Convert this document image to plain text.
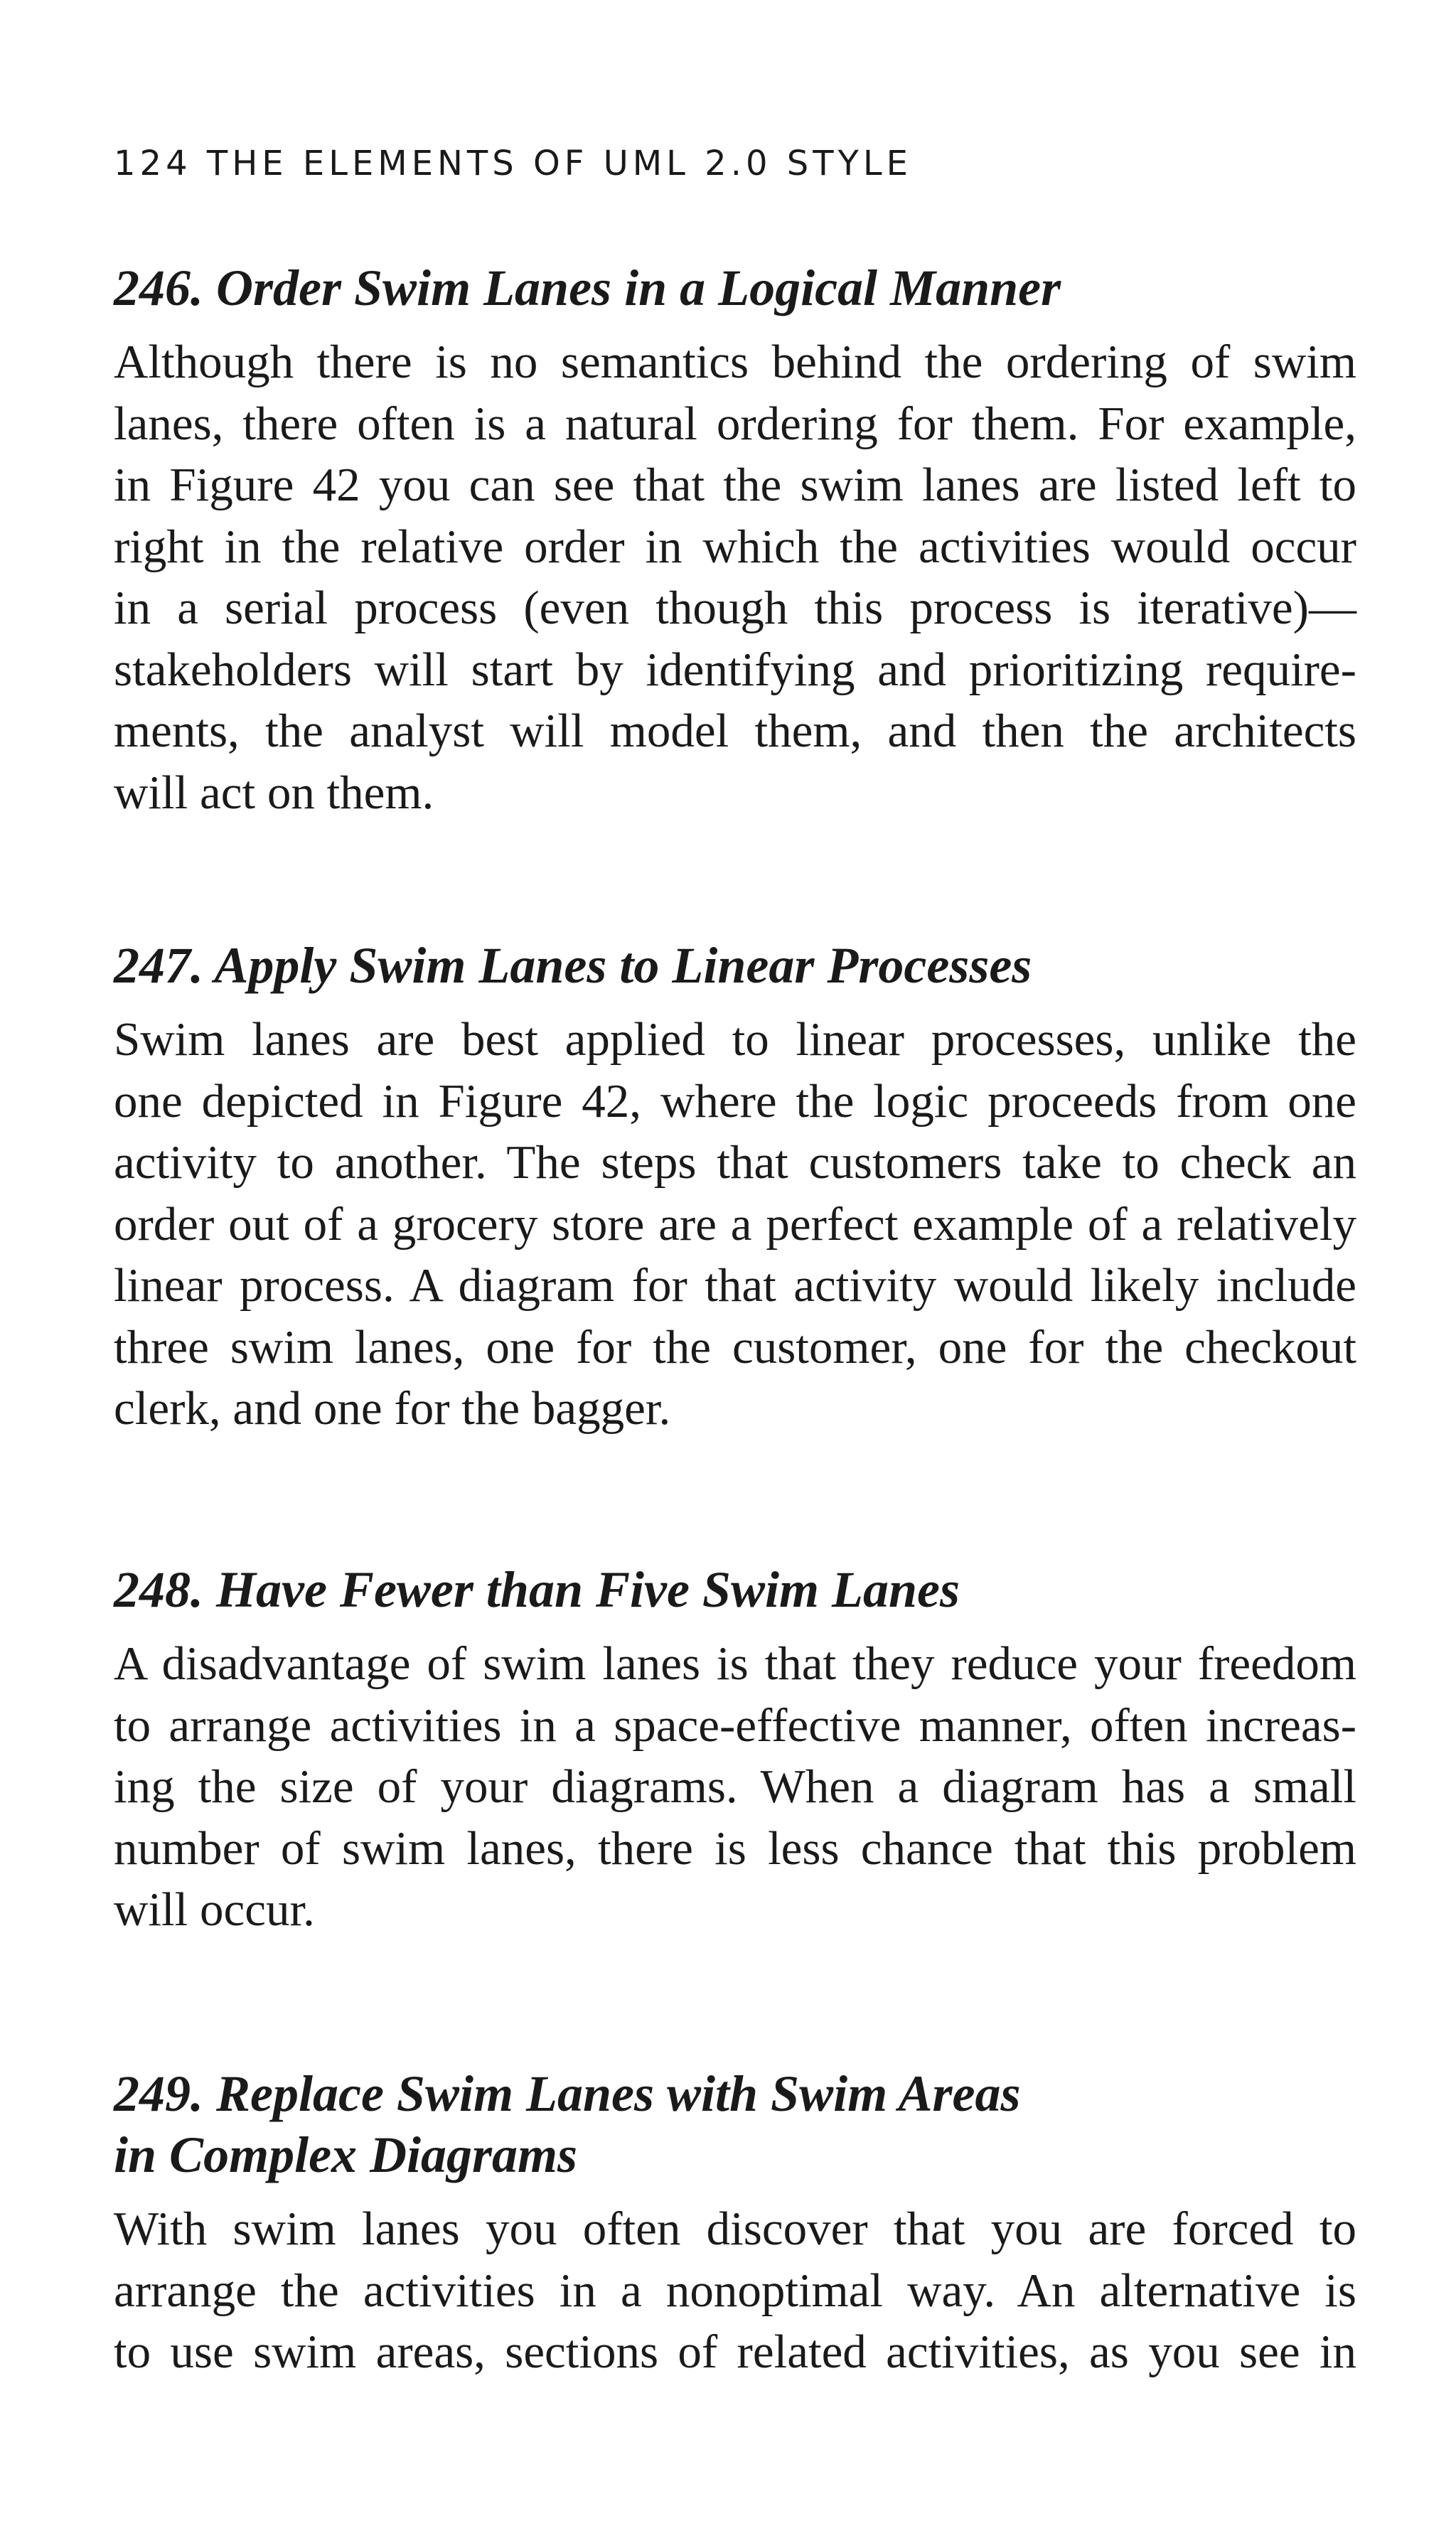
124 THE ELEMENTS OF UML 2.0 STYLE
246. Order Swim Lanes in a Logical Manner
Although there is no semantics behind the ordering of swim
lanes, there often is a natural ordering for them. For example,
in Figure 42 you can see that the swim lanes are listed left to
right in the relative order in which the activities would occur
in a serial process (even though this process is iterative)—
stakeholders will start by identifying and prioritizing require-
ments, the analyst will model them, and then the architects
will act on them.
247. Apply Swim Lanes to Linear Processes
Swim lanes are best applied to linear processes, unlike the
one depicted in Figure 42, where the logic proceeds from one
activity to another. The steps that customers take to check an
order out of a grocery store are a perfect example of a relatively
linear process. A diagram for that activity would likely include
three swim lanes, one for the customer, one for the checkout
clerk, and one for the bagger.
248. Have Fewer than Five Swim Lanes
A disadvantage of swim lanes is that they reduce your freedom
to arrange activities in a space-effective manner, often increas-
ing the size of your diagrams. When a diagram has a small
number of swim lanes, there is less chance that this problem
will occur.
249. Replace Swim Lanes with Swim Areas
in Complex Diagrams
With swim lanes you often discover that you are forced to
arrange the activities in a nonoptimal way. An alternative is
to use swim areas, sections of related activities, as you see in
